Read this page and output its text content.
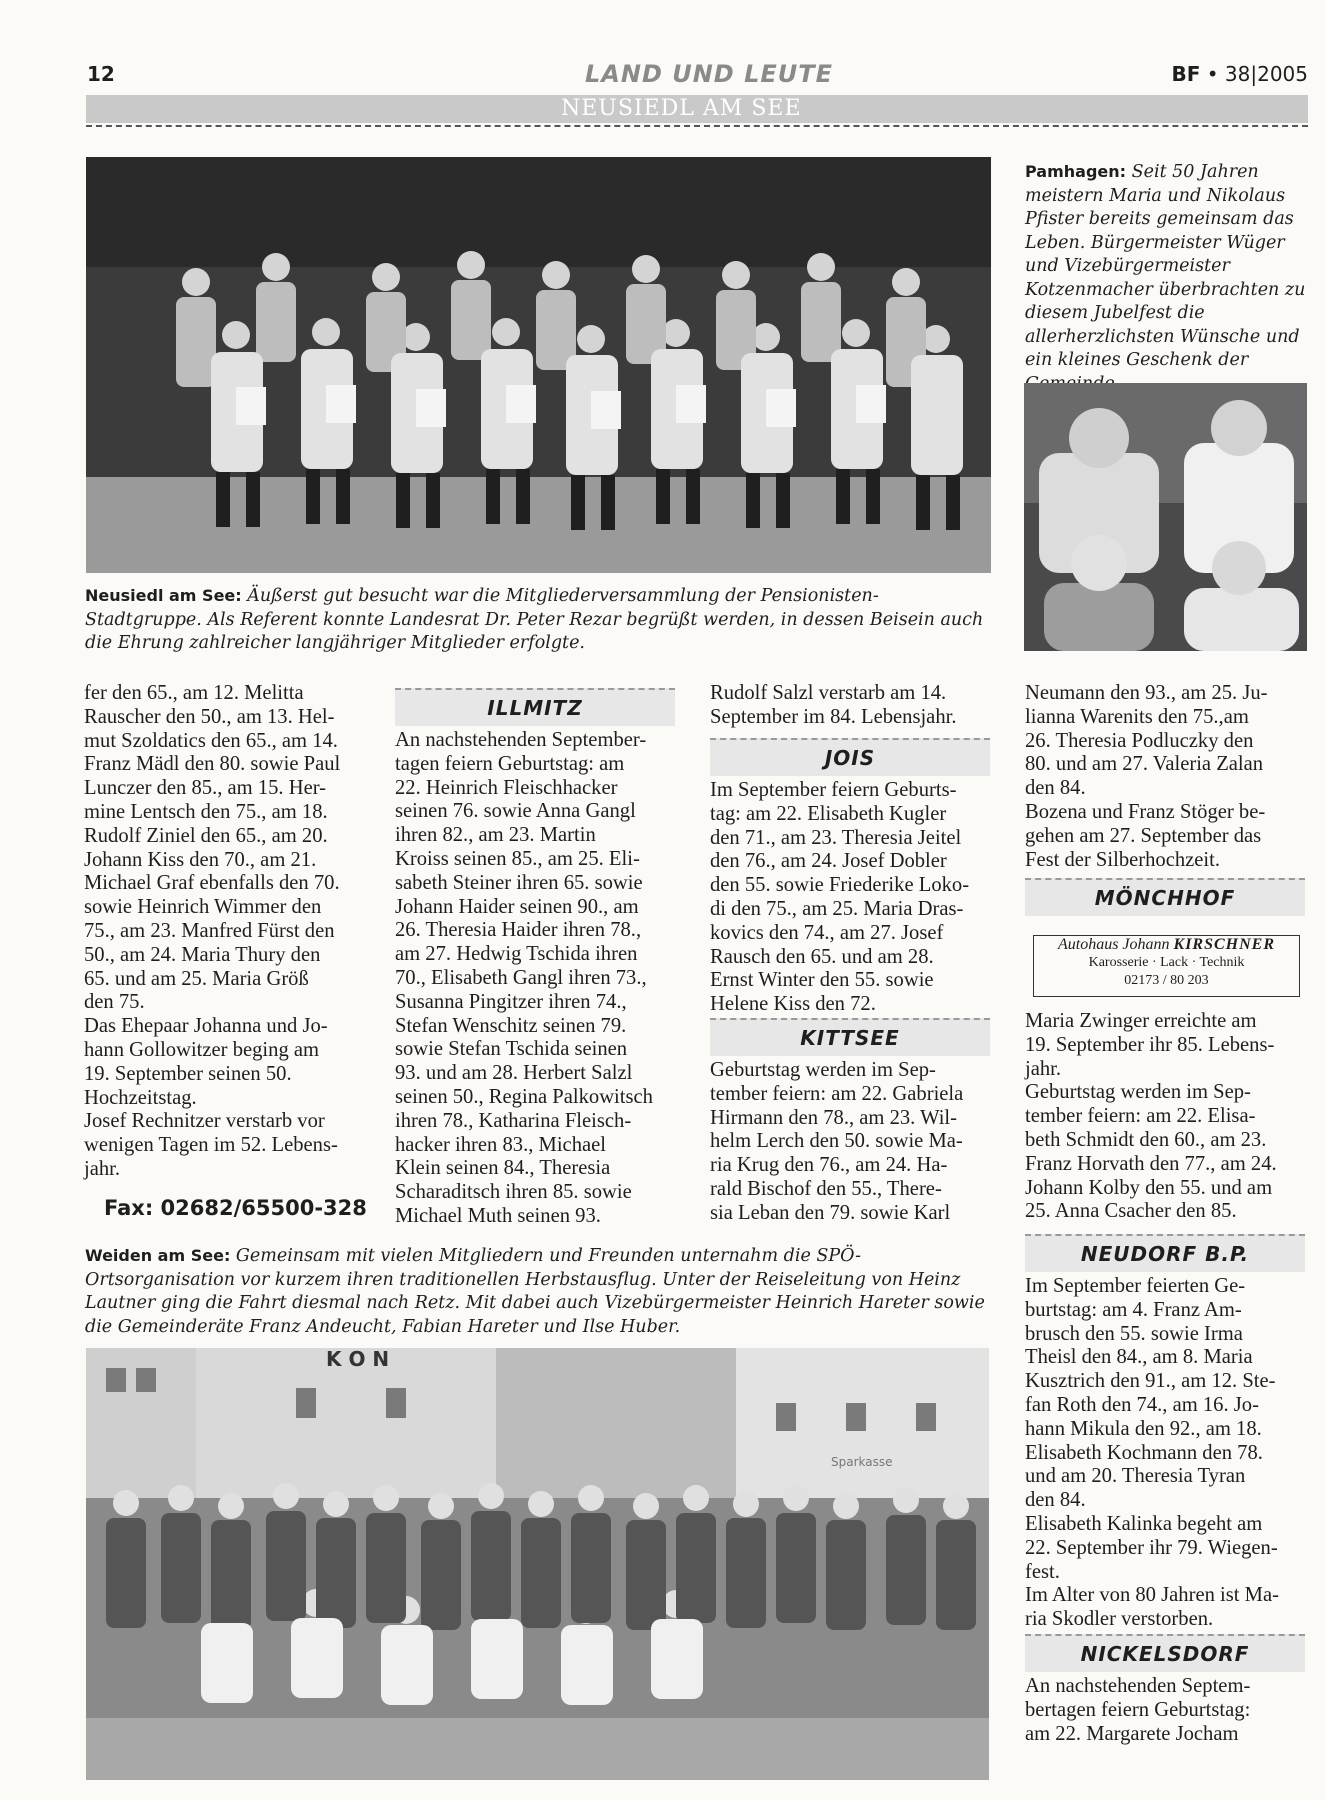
12	LAND UND LEUTE	BF • 38|2005
NEUSIEDL AM SEE
Pamhagen: Seit 50 Jahren meistern Maria und Nikolaus Pfister bereits gemeinsam das Leben. Bürgermeister Wüger und Vizebürgermeister Kotzenmacher überbrachten zu diesem Jubelfest die allerherzlichsten Wünsche und ein kleines Geschenk der
Neusiedl am See: Äußerst gut besucht war die Mitgliederversammlung der Pensionisten-Stadtgruppe. Als Referent konnte Landesrat Dr. Peter Rezar begrüßt werden, in dessen Beisein auch die Ehrung zahlreicher langjähriger Mitglieder erfolgte.
fer den 65., am 12. Melitta
Rauscher den 50., am 13. Hel-
mut Szoldatics den 65., am 14.
Franz Mädl den 80. sowie Paul
Lunczer den 85., am 15. Her-
mine Lentsch den 75., am 18.
Rudolf Ziniel den 65., am 20.
Johann Kiss den 70., am 21.
Michael Graf ebenfalls den 70.
sowie Heinrich Wimmer den
75., am 23. Manfred Fürst den
50., am 24. Maria Thury den
65. und am 25. Maria Größ
den 75.
Das Ehepaar Johanna und Jo-
hann Gollowitzer beging am
19. September seinen 50.
Hochzeitstag.
Josef Rechnitzer verstarb vor
wenigen Tagen im 52. Lebens-
jahr.
Fax: 02682/65500-328
ILLMITZ
An nachstehenden September-
tagen feiern Geburtstag: am
22. Heinrich Fleischhacker
seinen 76. sowie Anna Gangl
ihren 82., am 23. Martin
Kroiss seinen 85., am 25. Eli-
sabeth Steiner ihren 65. sowie
Johann Haider seinen 90., am
26. Theresia Haider ihren 78.,
am 27. Hedwig Tschida ihren
70., Elisabeth Gangl ihren 73.,
Susanna Pingitzer ihren 74.,
Stefan Wenschitz seinen 79.
sowie Stefan Tschida seinen
93. und am 28. Herbert Salzl
seinen 50., Regina Palkowitsch
ihren 78., Katharina Fleisch-
hacker ihren 83., Michael
Klein seinen 84., Theresia
Scharaditsch ihren 85. sowie
Michael Muth seinen 93.
Rudolf Salzl verstarb am 14.
September im 84. Lebensjahr.
JOIS
Im September feiern Geburts-
tag: am 22. Elisabeth Kugler
den 71., am 23. Theresia Jeitel
den 76., am 24. Josef Dobler
den 55. sowie Friederike Loko-
di den 75., am 25. Maria Dras-
kovics den 74., am 27. Josef
Rausch den 65. und am 28.
Ernst Winter den 55. sowie
Helene Kiss den 72.
KITTSEE
Geburtstag werden im Sep-
tember feiern: am 22. Gabriela
Hirmann den 78., am 23. Wil-
helm Lerch den 50. sowie Ma-
ria Krug den 76., am 24. Ha-
rald Bischof den 55., There-
sia Leban den 79. sowie Karl
Neumann den 93., am 25. Ju-
lianna Warenits den 75.,am
26. Theresia Podluczky den
80. und am 27. Valeria Zalan
den 84.
Bozena und Franz Stöger be-
gehen am 27. September das
Fest der Silberhochzeit.
MÖNCHHOF
Autohaus Johann KIRSCHNER
Karosserie · Lack · Technik
02173 / 80 203
Maria Zwinger erreichte am
19. September ihr 85. Lebens-
jahr.
Geburtstag werden im Sep-
tember feiern: am 22. Elisa-
beth Schmidt den 60., am 23.
Franz Horvath den 77., am 24.
Johann Kolby den 55. und am
25. Anna Csacher den 85.
NEUDORF B.P.
Im September feierten Ge-
burtstag: am 4. Franz Am-
brusch den 55. sowie Irma
Theisl den 84., am 8. Maria
Kusztrich den 91., am 12. Ste-
fan Roth den 74., am 16. Jo-
hann Mikula den 92., am 18.
Elisabeth Kochmann den 78.
und am 20. Theresia Tyran
den 84.
Elisabeth Kalinka begeht am
22. September ihr 79. Wiegen-
fest.
Im Alter von 80 Jahren ist Ma-
ria Skodler verstorben.
NICKELSDORF
An nachstehenden Septem-
bertagen feiern Geburtstag:
am 22. Margarete Jocham
Weiden am See: Gemeinsam mit vielen Mitgliedern und Freunden unternahm die SPÖ-Ortsorganisation vor kurzem ihren traditionellen Herbstausflug. Unter der Reiseleitung von Heinz Lautner ging die Fahrt diesmal nach Retz. Mit dabei auch Vizebürgermeister Heinrich Hareter sowie die Gemeinderäte Franz Andeucht, Fabian Hareter und Ilse Huber.
K O N
Sparkasse
